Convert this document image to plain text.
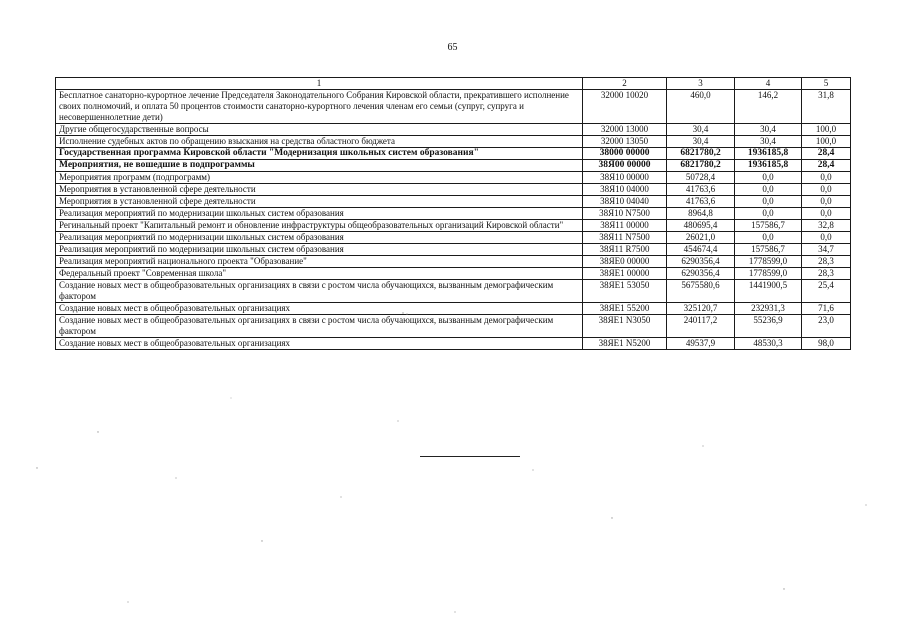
65
1	2	3	4	5
Бесплатное санаторно-курортное лечение Председателя Законодательного Собрания Кировской области, прекратившего исполнение своих полномочий, и оплата 50 процентов стоимости санаторно-курортного лечения членам его семьи (супруг, супруга и несовершеннолетние дети)	32000 10020	460,0	146,2	31,8
Другие общегосударственные вопросы	32000 13000	30,4	30,4	100,0
Исполнение судебных актов по обращению взыскания на средства областного бюджета	32000 13050	30,4	30,4	100,0
Государственная программа Кировской области "Модернизация школьных систем образования"	38000 00000	6821780,2	1936185,8	28,4
Мероприятия, не вошедшие в подпрограммы	38Я00 00000	6821780,2	1936185,8	28,4
Мероприятия программ (подпрограмм)	38Я10 00000	50728,4	0,0	0,0
Мероприятия в установленной сфере деятельности	38Я10 04000	41763,6	0,0	0,0
Мероприятия в установленной сфере деятельности	38Я10 04040	41763,6	0,0	0,0
Реализация мероприятий по модернизации школьных систем образования	38Я10 N7500	8964,8	0,0	0,0
Регинальный проект "Капитальный ремонт и обновление инфраструктуры общеобразовательных организаций Кировской области"	38Я11 00000	480695,4	157586,7	32,8
Реализация мероприятий по модернизации школьных систем образования	38Я11 N7500	26021,0	0,0	0,0
Реализация мероприятий по модернизации школьных систем образования	38Я11 R7500	454674,4	157586,7	34,7
Реализация мероприятий национального проекта "Образование"	38ЯЕ0 00000	6290356,4	1778599,0	28,3
Федеральный проект "Современная школа"	38ЯЕ1 00000	6290356,4	1778599,0	28,3
Создание новых мест в общеобразовательных организациях в связи с ростом числа обучающихся, вызванным демографическим фактором	38ЯЕ1 53050	5675580,6	1441900,5	25,4
Создание новых мест в общеобразовательных организациях	38ЯЕ1 55200	325120,7	232931,3	71,6
Создание новых мест в общеобразовательных организациях в связи с ростом числа обучающихся, вызванным демографическим фактором	38ЯЕ1 N3050	240117,2	55236,9	23,0
Создание новых мест в общеобразовательных организациях	38ЯЕ1 N5200	49537,9	48530,3	98,0
